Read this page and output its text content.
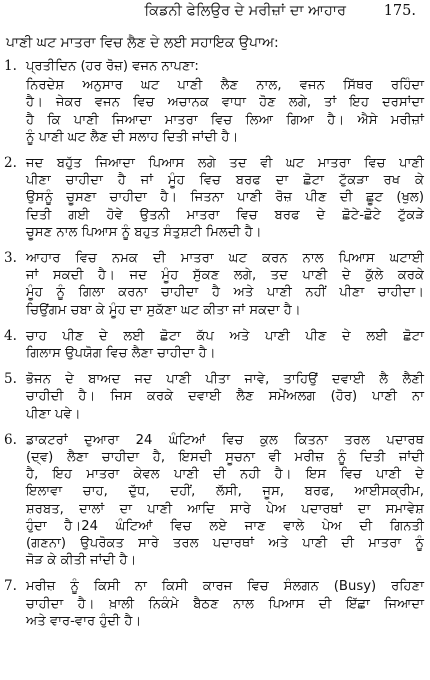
ਕਿਡਨੀ ਫੇਲਿਉਰ ਦੇ ਮਰੀਜ਼ਾਂ ਦਾ ਆਹਾਰ	175.
ਪਾਣੀ ਘਟ ਮਾਤਰਾ ਵਿਚ ਲੈਣ ਦੇ ਲਈ ਸਹਾਇਕ ਉਪਾਅ:
1. ਪ੍ਰਤੀਦਿਨ (ਹਰ ਰੋਜ਼) ਵਜਨ ਨਾਪਣਾ:
ਨਿਰਦੇਸ਼ ਅਨੁਸਾਰ ਘਟ ਪਾਣੀ ਲੈਣ ਨਾਲ, ਵਜਨ ਸਿੱਥਰ ਰਹਿੰਦਾ
ਹੈ। ਜੇਕਰ ਵਜਨ ਵਿਚ ਅਚਾਨਕ ਵਾਧਾ ਹੋਣ ਲਗੇ, ਤਾਂ ਇਹ ਦਰਸਾਂਦਾ
ਹੈ ਕਿ ਪਾਣੀ ਜਿਆਦਾ ਮਾਤਰਾ ਵਿਚ ਲਿਆ ਗਿਆ ਹੈ। ਐਸੇ ਮਰੀਜ਼ਾਂ
ਨੂੰ ਪਾਣੀ ਘਟ ਲੈਣ ਦੀ ਸਲਾਹ ਦਿਤੀ ਜਾਂਦੀ ਹੈ।
2. ਜਦ ਬਹੁੱਤ ਜਿਆਦਾ ਪਿਆਸ ਲਗੇ ਤਦ ਵੀ ਘਟ ਮਾਤਰਾ ਵਿਚ ਪਾਣੀ
ਪੀਣਾ ਚਾਹੀਦਾ ਹੈ ਜਾਂ ਮੂੰਹ ਵਿਚ ਬਰਫ ਦਾ ਛੋਟਾ ਟੁੱਕੜਾ ਰਖ ਕੇ
ਉਸਨੂੰ ਚੂਸਣਾ ਚਾਹੀਦਾ ਹੈ। ਜਿਤਨਾ ਪਾਣੀ ਰੋਜ਼ ਪੀਣ ਦੀ ਛੂਟ (ਖੁਲ)
ਦਿਤੀ ਗਈ ਹੋਵੇ ਉਤਨੀ ਮਾਤਰਾ ਵਿਚ ਬਰਫ ਦੇ ਛੋਟੇ-ਛੋਟੇ ਟੁੱਕੜੇ
ਚੂਸਣ ਨਾਲ ਪਿਆਸ ਨੂੰ ਬਹੁਤ ਸੰਤੁਸ਼ਟੀ ਮਿਲਦੀ ਹੈ।
3. ਆਹਾਰ ਵਿਚ ਨਮਕ ਦੀ ਮਾਤਰਾ ਘਟ ਕਰਨ ਨਾਲ ਪਿਆਸ ਘਟਾਈ
ਜਾਂ ਸਕਦੀ ਹੈ। ਜਦ ਮੂੰਹ ਸੁੱਕਣ ਲਗੇ, ਤਦ ਪਾਣੀ ਦੇ ਕੁੱਲੇ ਕਰਕੇ
ਮੂੰਹ ਨੂੰ ਗਿਲਾ ਕਰਨਾ ਚਾਹੀਦਾ ਹੈ ਅਤੇ ਪਾਣੀ ਨਹੀਂ ਪੀਣਾ ਚਾਹੀਦਾ।
ਚਿਉਂਗਮ ਚਬਾ ਕੇ ਮੂੰਹ ਦਾ ਸੁਕੱਣਾ ਘਟ ਕੀਤਾ ਜਾਂ ਸਕਦਾ ਹੈ।
4. ਚਾਹ ਪੀਣ ਦੇ ਲਈ ਛੋਟਾ ਕੱਪ ਅਤੇ ਪਾਣੀ ਪੀਣ ਦੇ ਲਈ ਛੋਟਾ
ਗਿਲਾਸ ਉਪਯੋਗ ਵਿਚ ਲੈਣਾ ਚਾਹੀਦਾ ਹੈ।
5. ਭੋਜਨ ਦੇ ਬਾਅਦ ਜਦ ਪਾਣੀ ਪੀਤਾ ਜਾਵੇ, ਤਾਹਿਉਂ ਦਵਾਈ ਲੈ ਲੈਣੀ
ਚਾਹੀਦੀ ਹੈ। ਜਿਸ ਕਰਕੇ ਦਵਾਈ ਲੈਣ ਸਮੇਂਅਲਗ (ਹੋਰ) ਪਾਣੀ ਨਾ
ਪੀਣਾ ਪਵੇ।
6. ਡਾਕਟਰਾਂ ਦੁਆਰਾ 24 ਘੰਟਿਆਂ ਵਿਚ ਕੁਲ ਕਿਤਨਾ ਤਰਲ ਪਦਾਰਥ
(ਦ੍ਵ) ਲੈਣਾ ਚਾਹੀਦਾ ਹੈ, ਇਸਦੀ ਸੂਚਨਾ ਵੀ ਮਰੀਜ਼ ਨੂੰ ਦਿਤੀ ਜਾਂਦੀ
ਹੈ, ਇਹ ਮਾਤਰਾ ਕੇਵਲ ਪਾਣੀ ਦੀ ਨਹੀ ਹੈ। ਇਸ ਵਿਚ ਪਾਣੀ ਦੇ
ਇਲਾਵਾ ਚਾਹ, ਦੁੱਧ, ਦਹੀਂ, ਲੱਸੀ, ਜੂਸ, ਬਰਫ, ਆਈਸਕ੍ਰੀਮ,
ਸ਼ਰਬਤ, ਦਾਲਾਂ ਦਾ ਪਾਣੀ ਆਦਿ ਸਾਰੇ ਪੇਅ ਪਦਾਰਥਾਂ ਦਾ ਸਮਾਵੇਸ਼
ਹੁੰਦਾ ਹੈ।24 ਘੰਟਿਆਂ ਵਿਚ ਲਏ ਜਾਣ ਵਾਲੇ ਪੇਅ ਦੀ ਗਿਨਤੀ
(ਗਣਨਾ) ਉਪਰੋਕਤ ਸਾਰੇ ਤਰਲ ਪਦਾਰਥਾਂ ਅਤੇ ਪਾਣੀ ਦੀ ਮਾਤਰਾ ਨੂੰ
ਜੋੜ ਕੇ ਕੀਤੀ ਜਾਂਦੀ ਹੈ।
7. ਮਰੀਜ਼ ਨੂੰ ਕਿਸੀ ਨਾ ਕਿਸੀ ਕਾਰਜ ਵਿਚ ਸੰਲਗਨ (Busy) ਰਹਿਣਾ
ਚਾਹੀਦਾ ਹੈ। ਖ਼ਾਲੀ ਨਿਕੰਮੇ ਬੈਠਣ ਨਾਲ ਪਿਆਸ ਦੀ ਇੱਛਾ ਜਿਆਦਾ
ਅਤੇ ਵਾਰ-ਵਾਰ ਹੁੰਦੀ ਹੈ।
